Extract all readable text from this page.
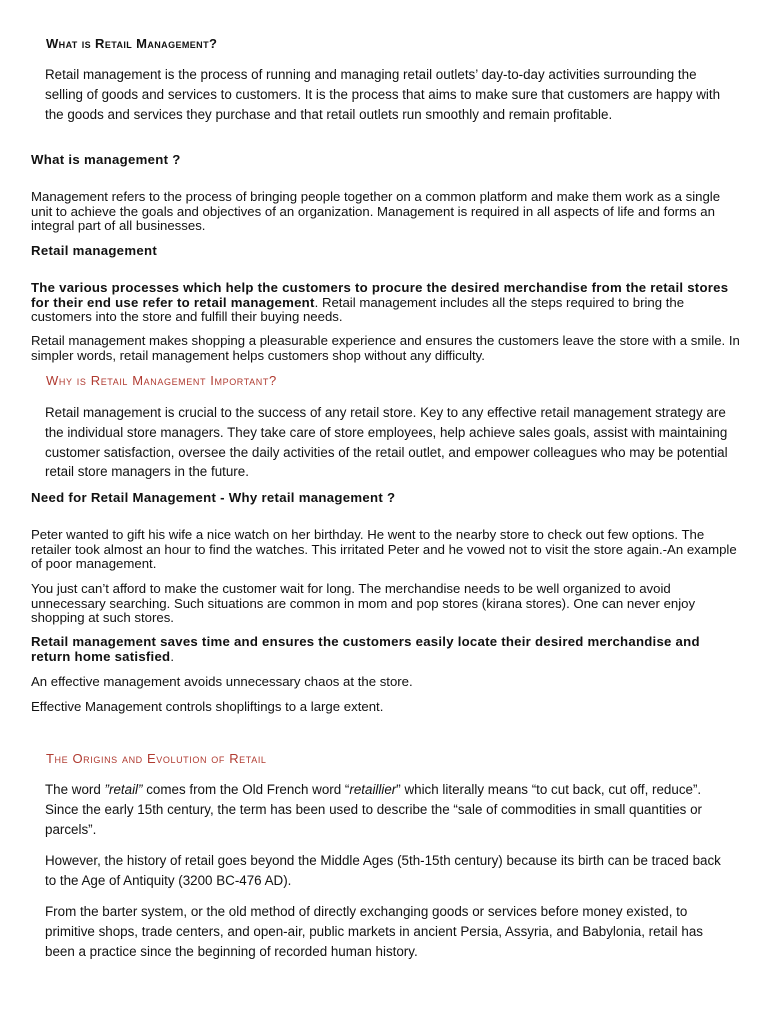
What is Retail Management?

Retail management is the process of running and managing retail outlets’ day-to-day activities surrounding the selling of goods and services to customers. It is the process that aims to make sure that customers are happy with the goods and services they purchase and that retail outlets run smoothly and remain profitable.

What is management ?

Management refers to the process of bringing people together on a common platform and make them work as a single unit to achieve the goals and objectives of an organization. Management is required in all aspects of life and forms an integral part of all businesses.

Retail management

The various processes which help the customers to procure the desired merchandise from the retail stores for their end use refer to retail management. Retail management includes all the steps required to bring the customers into the store and fulfill their buying needs.

Retail management makes shopping a pleasurable experience and ensures the customers leave the store with a smile. In simpler words, retail management helps customers shop without any difficulty.

Why is Retail Management Important?

Retail management is crucial to the success of any retail store. Key to any effective retail management strategy are the individual store managers. They take care of store employees, help achieve sales goals, assist with maintaining customer satisfaction, oversee the daily activities of the retail outlet, and empower colleagues who may be potential retail store managers in the future.

Need for Retail Management - Why retail management ?

Peter wanted to gift his wife a nice watch on her birthday. He went to the nearby store to check out few options. The retailer took almost an hour to find the watches. This irritated Peter and he vowed not to visit the store again.-An example of poor management.

You just can’t afford to make the customer wait for long. The merchandise needs to be well organized to avoid unnecessary searching. Such situations are common in mom and pop stores (kirana stores). One can never enjoy shopping at such stores.

Retail management saves time and ensures the customers easily locate their desired merchandise and return home satisfied.

An effective management avoids unnecessary chaos at the store.

Effective Management controls shopliftings to a large extent.

The Origins and Evolution of Retail

The word ”retail” comes from the Old French word “retaillier” which literally means “to cut back, cut off, reduce”. Since the early 15th century, the term has been used to describe the “sale of commodities in small quantities or parcels”.

However, the history of retail goes beyond the Middle Ages (5th-15th century) because its birth can be traced back to the Age of Antiquity (3200 BC-476 AD).

From the barter system, or the old method of directly exchanging goods or services before money existed, to primitive shops, trade centers, and open-air, public markets in ancient Persia, Assyria, and Babylonia, retail has been a practice since the beginning of recorded human history.
